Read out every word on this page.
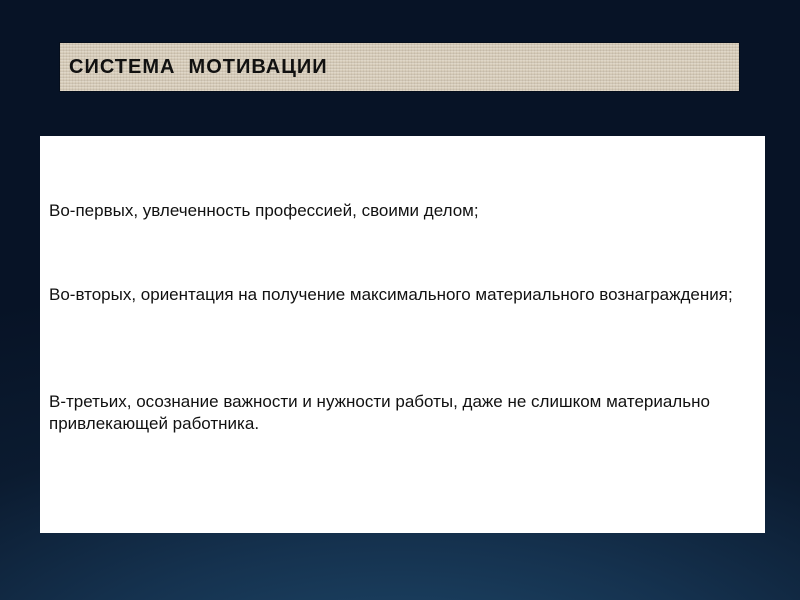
СИСТЕМА  МОТИВАЦИИ
Во-первых, увлеченность профессией, своими делом;
Во-вторых, ориентация на получение максимального материального вознаграждения;
В-третьих, осознание важности и нужности работы, даже не слишком материально привлекающей работника.
